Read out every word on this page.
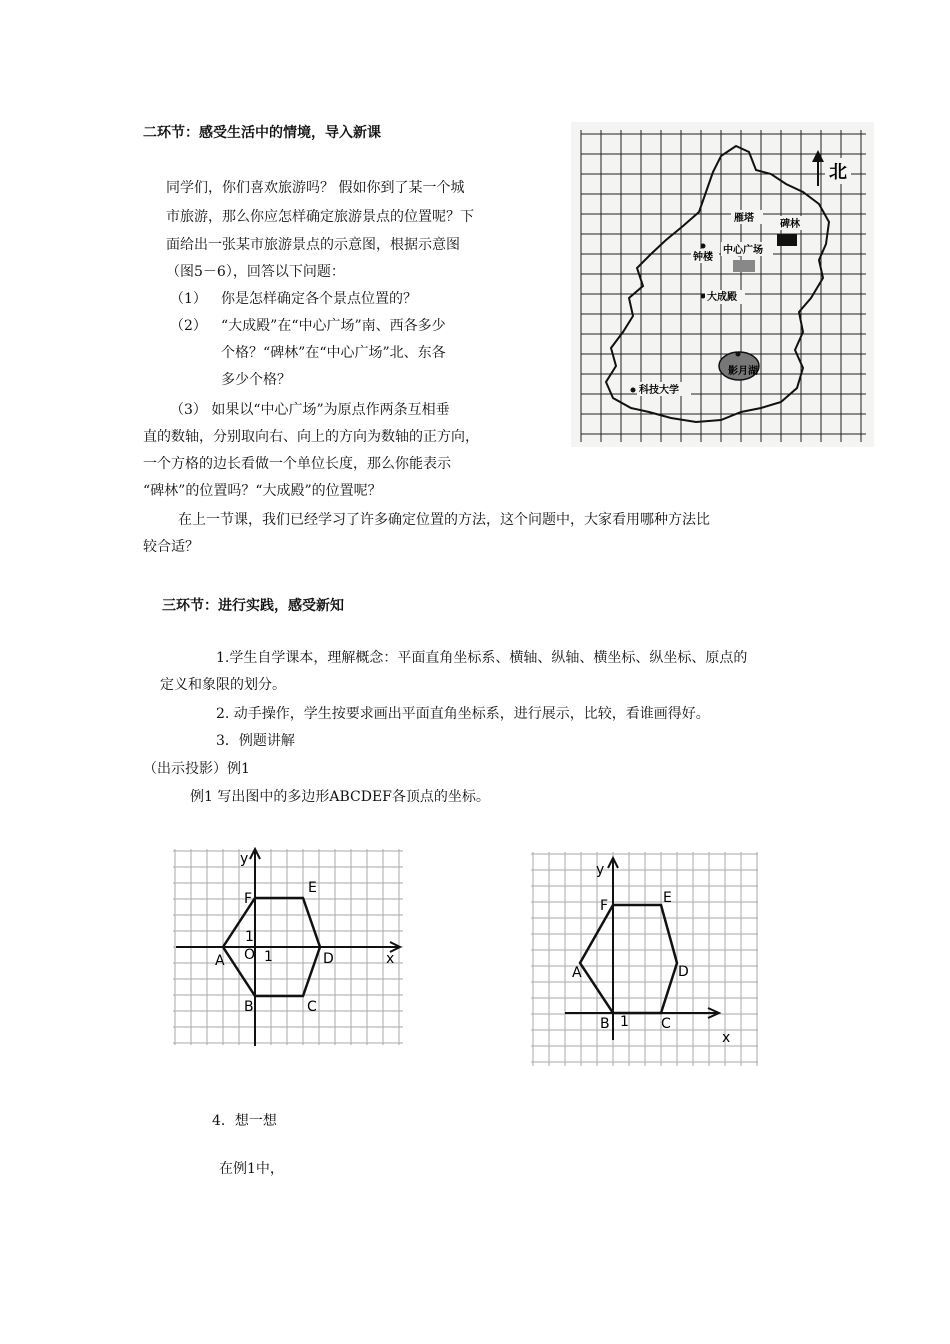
二环节：感受生活中的情境，导入新课
同学们，你们喜欢旅游吗？ 假如你到了某一个城
市旅游，那么你应怎样确定旅游景点的位置呢？下
面给出一张某市旅游景点的示意图，根据示意图
（图5－6），回答以下问题：
（1） 你是怎样确定各个景点位置的？
（2） “大成殿”在“中心广场”南、西各多少
个格？“碑林”在“中心广场”北、东各
多少个格？
（3） 如果以“中心广场”为原点作两条互相垂
直的数轴，分别取向右、向上的方向为数轴的正方向，
一个方格的边长看做一个单位长度，那么你能表示
“碑林”的位置吗？“大成殿”的位置呢？
在上一节课，我们已经学习了许多确定位置的方法，这个问题中，大家看用哪种方法比
较合适？
北
雁塔
碑林
钟楼
中心广场
大成殿
影月湖
科技大学
三环节：进行实践，感受新知
1.学生自学课本，理解概念：平面直角坐标系、横轴、纵轴、横坐标、纵坐标、原点的
定义和象限的划分。
2. 动手操作，学生按要求画出平面直角坐标系，进行展示，比较，看谁画得好。
3．例题讲解
（出示投影）例1
例1 写出图中的多边形ABCDEF各顶点的坐标。
y
x
A
B	C
D
E
F
O 1
1
y
x
A
B	C
D
E
F
1
4．想一想
在例1中，
